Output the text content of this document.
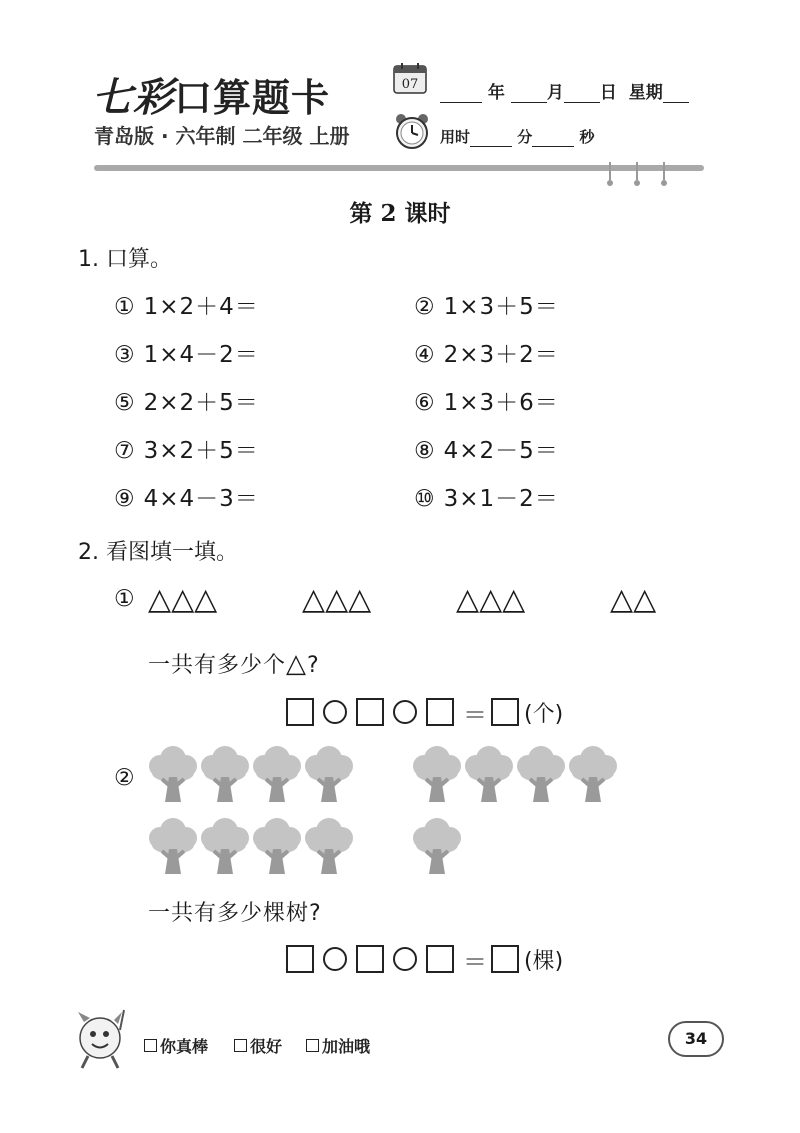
七彩口算题卡
青岛版 · 六年制 二年级 上册
07	年 月 日 星期
用时	分	秒
第 2 课时
1. 口算。
① 1×2＋4＝	② 1×3＋5＝
③ 1×4－2＝	④ 2×3＋2＝
⑤ 2×2＋5＝	⑥ 1×3＋6＝
⑦ 3×2＋5＝	⑧ 4×2－5＝
⑨ 4×4－3＝	⑩ 3×1－2＝
2. 看图填一填。
① △△△	△△△	△△△	△△
一共有多少个△?
＝ (个)
②
一共有多少棵树?
＝ (棵)
你真棒	很好 加油哦	34
